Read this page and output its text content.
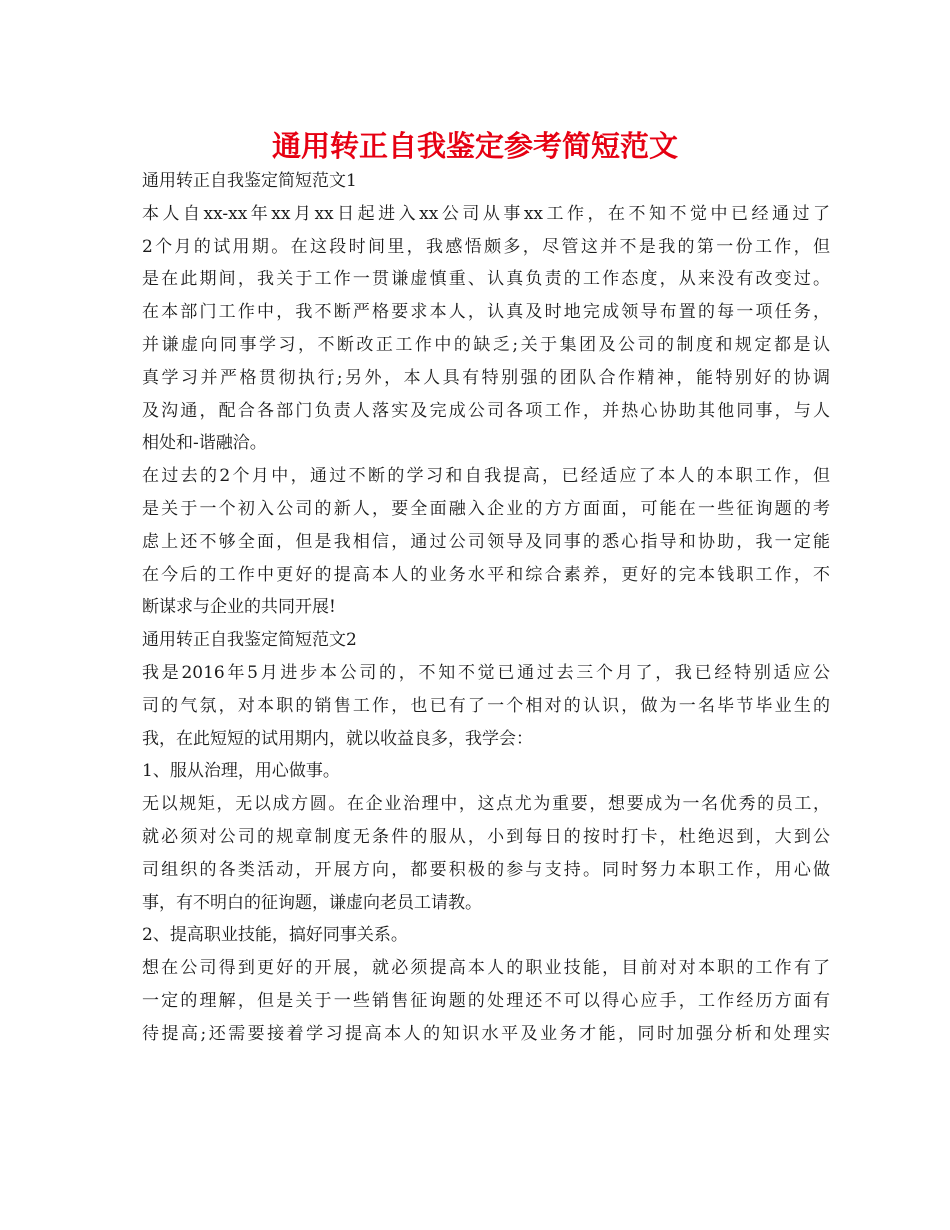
通用转正自我鉴定参考简短范文
通用转正自我鉴定简短范文1
本人自xx-xx年xx月xx日起进入xx公司从事xx工作，在不知不觉中已经通过了
2个月的试用期。在这段时间里，我感悟颇多，尽管这并不是我的第一份工作，但
是在此期间，我关于工作一贯谦虚慎重、认真负责的工作态度，从来没有改变过。
在本部门工作中，我不断严格要求本人，认真及时地完成领导布置的每一项任务，
并谦虚向同事学习，不断改正工作中的缺乏;关于集团及公司的制度和规定都是认
真学习并严格贯彻执行;另外，本人具有特别强的团队合作精神，能特别好的协调
及沟通，配合各部门负责人落实及完成公司各项工作，并热心协助其他同事，与人
相处和-谐融洽。
在过去的2个月中，通过不断的学习和自我提高，已经适应了本人的本职工作，但
是关于一个初入公司的新人，要全面融入企业的方方面面，可能在一些征询题的考
虑上还不够全面，但是我相信，通过公司领导及同事的悉心指导和协助，我一定能
在今后的工作中更好的提高本人的业务水平和综合素养，更好的完本钱职工作，不
断谋求与企业的共同开展!
通用转正自我鉴定简短范文2
我是2016年5月进步本公司的，不知不觉已通过去三个月了，我已经特别适应公
司的气氛，对本职的销售工作，也已有了一个相对的认识，做为一名毕节毕业生的
我，在此短短的试用期内，就以收益良多，我学会：
1、服从治理，用心做事。
无以规矩，无以成方圆。在企业治理中，这点尤为重要，想要成为一名优秀的员工，
就必须对公司的规章制度无条件的服从，小到每日的按时打卡，杜绝迟到，大到公
司组织的各类活动，开展方向，都要积极的参与支持。同时努力本职工作，用心做
事，有不明白的征询题，谦虚向老员工请教。
2、提高职业技能，搞好同事关系。
想在公司得到更好的开展，就必须提高本人的职业技能，目前对对本职的工作有了
一定的理解，但是关于一些销售征询题的处理还不可以得心应手，工作经历方面有
待提高;还需要接着学习提高本人的知识水平及业务才能，同时加强分析和处理实
